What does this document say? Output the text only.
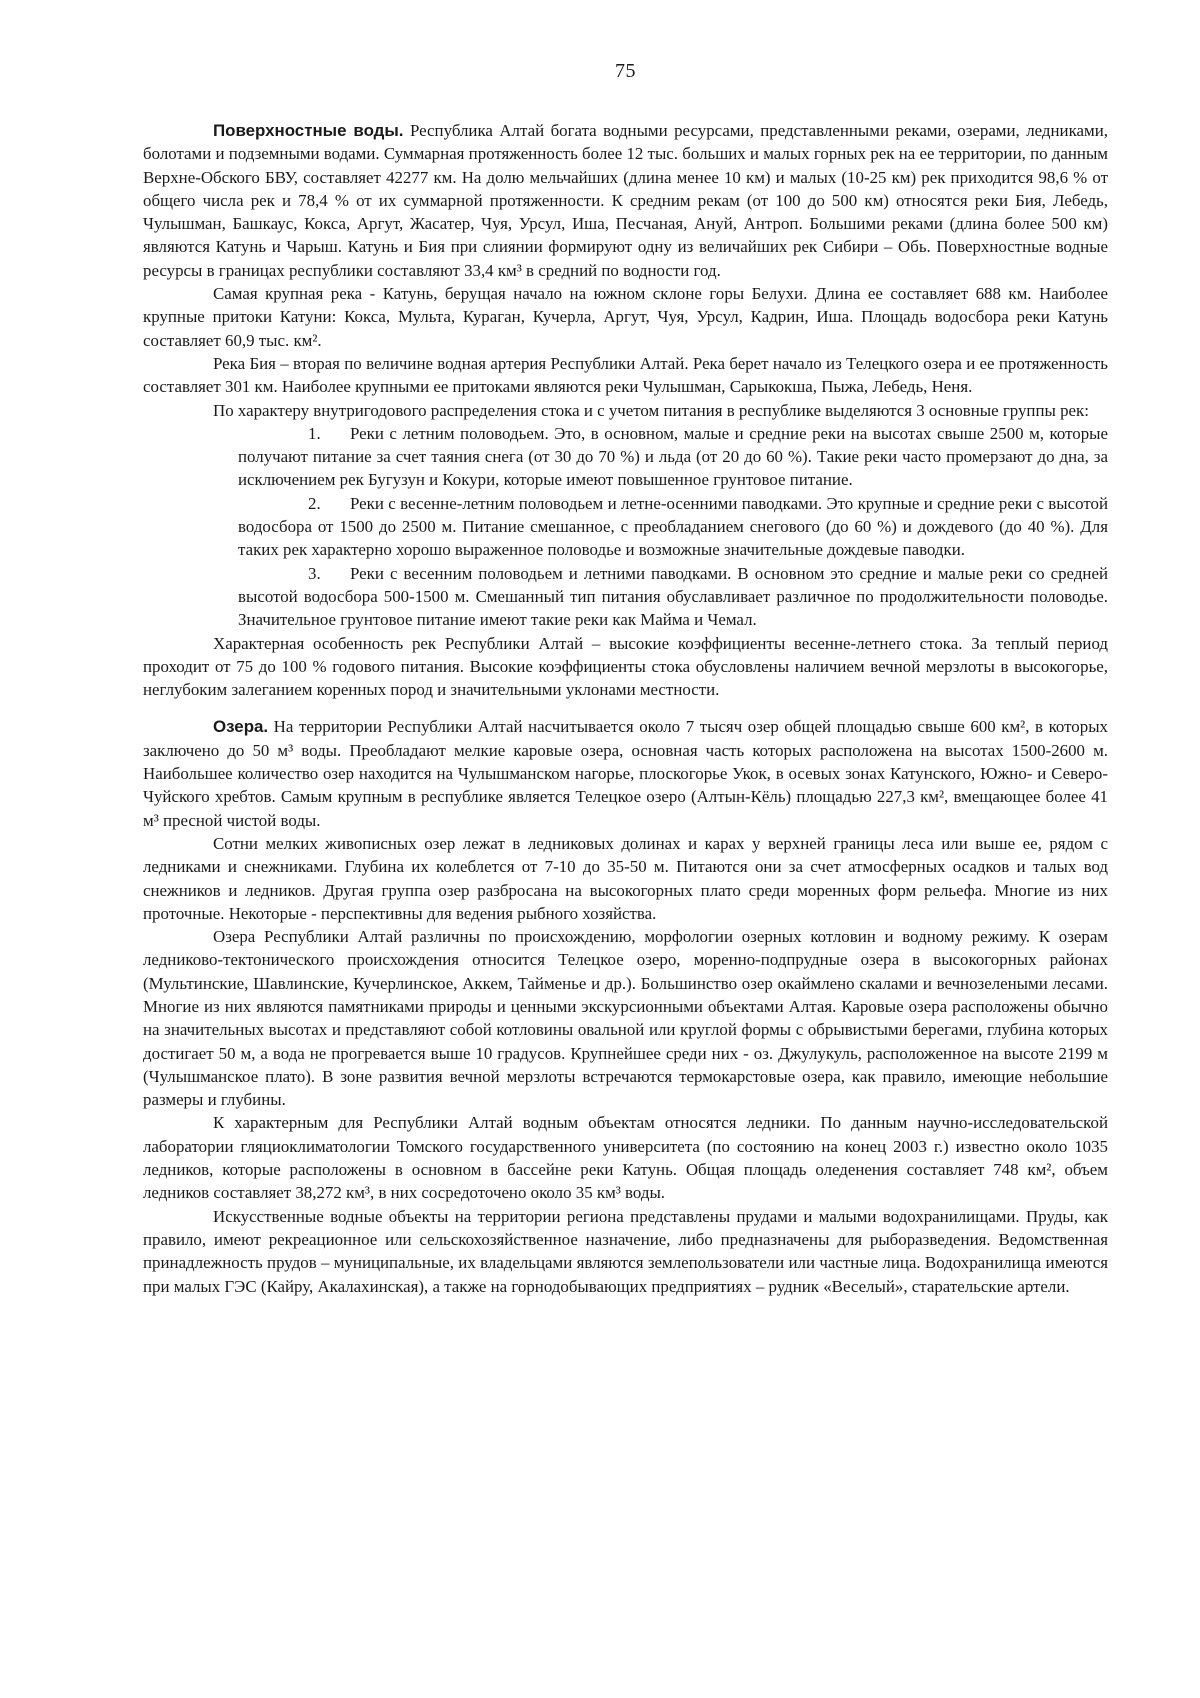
75

Поверхностные воды. Республика Алтай богата водными ресурсами, представленными реками, озерами, ледниками, болотами и подземными водами. Суммарная протяженность более 12 тыс. больших и малых горных рек на ее территории, по данным Верхне-Обского БВУ, составляет 42277 км. На долю мельчайших (длина менее 10 км) и малых (10-25 км) рек приходится 98,6 % от общего числа рек и 78,4 % от их суммарной протяженности. К средним рекам (от 100 до 500 км) относятся реки Бия, Лебедь, Чулышман, Башкаус, Кокса, Аргут, Жасатер, Чуя, Урсул, Иша, Песчаная, Ануй, Антроп. Большими реками (длина более 500 км) являются Катунь и Чарыш. Катунь и Бия при слиянии формируют одну из величайших рек Сибири – Обь. Поверхностные водные ресурсы в границах республики составляют 33,4 км³ в средний по водности год.

Самая крупная река - Катунь, берущая начало на южном склоне горы Белухи. Длина ее составляет 688 км. Наиболее крупные притоки Катуни: Кокса, Мульта, Кураган, Кучерла, Аргут, Чуя, Урсул, Кадрин, Иша. Площадь водосбора реки Катунь составляет 60,9 тыс. км².

Река Бия – вторая по величине водная артерия Республики Алтай. Река берет начало из Телецкого озера и ее протяженность составляет 301 км. Наиболее крупными ее притоками являются реки Чулышман, Сарыкокша, Пыжа, Лебедь, Неня.

По характеру внутригодового распределения стока и с учетом питания в республике выделяются 3 основные группы рек:

1. Реки с летним половодьем. Это, в основном, малые и средние реки на высотах свыше 2500 м, которые получают питание за счет таяния снега (от 30 до 70 %) и льда (от 20 до 60 %). Такие реки часто промерзают до дна, за исключением рек Бугузун и Кокури, которые имеют повышенное грунтовое питание.

2. Реки с весенне-летним половодьем и летне-осенними паводками. Это крупные и средние реки с высотой водосбора от 1500 до 2500 м. Питание смешанное, с преобладанием снегового (до 60 %) и дождевого (до 40 %). Для таких рек характерно хорошо выраженное половодье и возможные значительные дождевые паводки.

3. Реки с весенним половодьем и летними паводками. В основном это средние и малые реки со средней высотой водосбора 500-1500 м. Смешанный тип питания обуславливает различное по продолжительности половодье. Значительное грунтовое питание имеют такие реки как Майма и Чемал.

Характерная особенность рек Республики Алтай – высокие коэффициенты весенне-летнего стока. За теплый период проходит от 75 до 100 % годового питания. Высокие коэффициенты стока обусловлены наличием вечной мерзлоты в высокогорье, неглубоким залеганием коренных пород и значительными уклонами местности.

Озера. На территории Республики Алтай насчитывается около 7 тысяч озер общей площадью свыше 600 км², в которых заключено до 50 м³ воды. Преобладают мелкие каровые озера, основная часть которых расположена на высотах 1500-2600 м. Наибольшее количество озер находится на Чулышманском нагорье, плоскогорье Укок, в осевых зонах Катунского, Южно- и Северо-Чуйского хребтов. Самым крупным в республике является Телецкое озеро (Алтын-Кёль) площадью 227,3 км², вмещающее более 41 м³ пресной чистой воды.

Сотни мелких живописных озер лежат в ледниковых долинах и карах у верхней границы леса или выше ее, рядом с ледниками и снежниками. Глубина их колеблется от 7-10 до 35-50 м. Питаются они за счет атмосферных осадков и талых вод снежников и ледников. Другая группа озер разбросана на высокогорных плато среди моренных форм рельефа. Многие из них проточные. Некоторые - перспективны для ведения рыбного хозяйства.

Озера Республики Алтай различны по происхождению, морфологии озерных котловин и водному режиму. К озерам ледниково-тектонического происхождения относится Телецкое озеро, моренно-подпрудные озера в высокогорных районах (Мультинские, Шавлинские, Кучерлинское, Аккем, Тайменье и др.). Большинство озер окаймлено скалами и вечнозелеными лесами. Многие из них являются памятниками природы и ценными экскурсионными объектами Алтая. Каровые озера расположены обычно на значительных высотах и представляют собой котловины овальной или круглой формы с обрывистыми берегами, глубина которых достигает 50 м, а вода не прогревается выше 10 градусов. Крупнейшее среди них - оз. Джулукуль, расположенное на высоте 2199 м (Чулышманское плато). В зоне развития вечной мерзлоты встречаются термокарстовые озера, как правило, имеющие небольшие размеры и глубины.

К характерным для Республики Алтай водным объектам относятся ледники. По данным научно-исследовательской лаборатории гляциоклиматологии Томского государственного университета (по состоянию на конец 2003 г.) известно около 1035 ледников, которые расположены в основном в бассейне реки Катунь. Общая площадь оледенения составляет 748 км², объем ледников составляет 38,272 км³, в них сосредоточено около 35 км³ воды.

Искусственные водные объекты на территории региона представлены прудами и малыми водохранилищами. Пруды, как правило, имеют рекреационное или сельскохозяйственное назначение, либо предназначены для рыборазведения. Ведомственная принадлежность прудов – муниципальные, их владельцами являются землепользователи или частные лица. Водохранилища имеются при малых ГЭС (Кайру, Акалахинская), а также на горнодобывающих предприятиях – рудник «Веселый», старательские артели.
